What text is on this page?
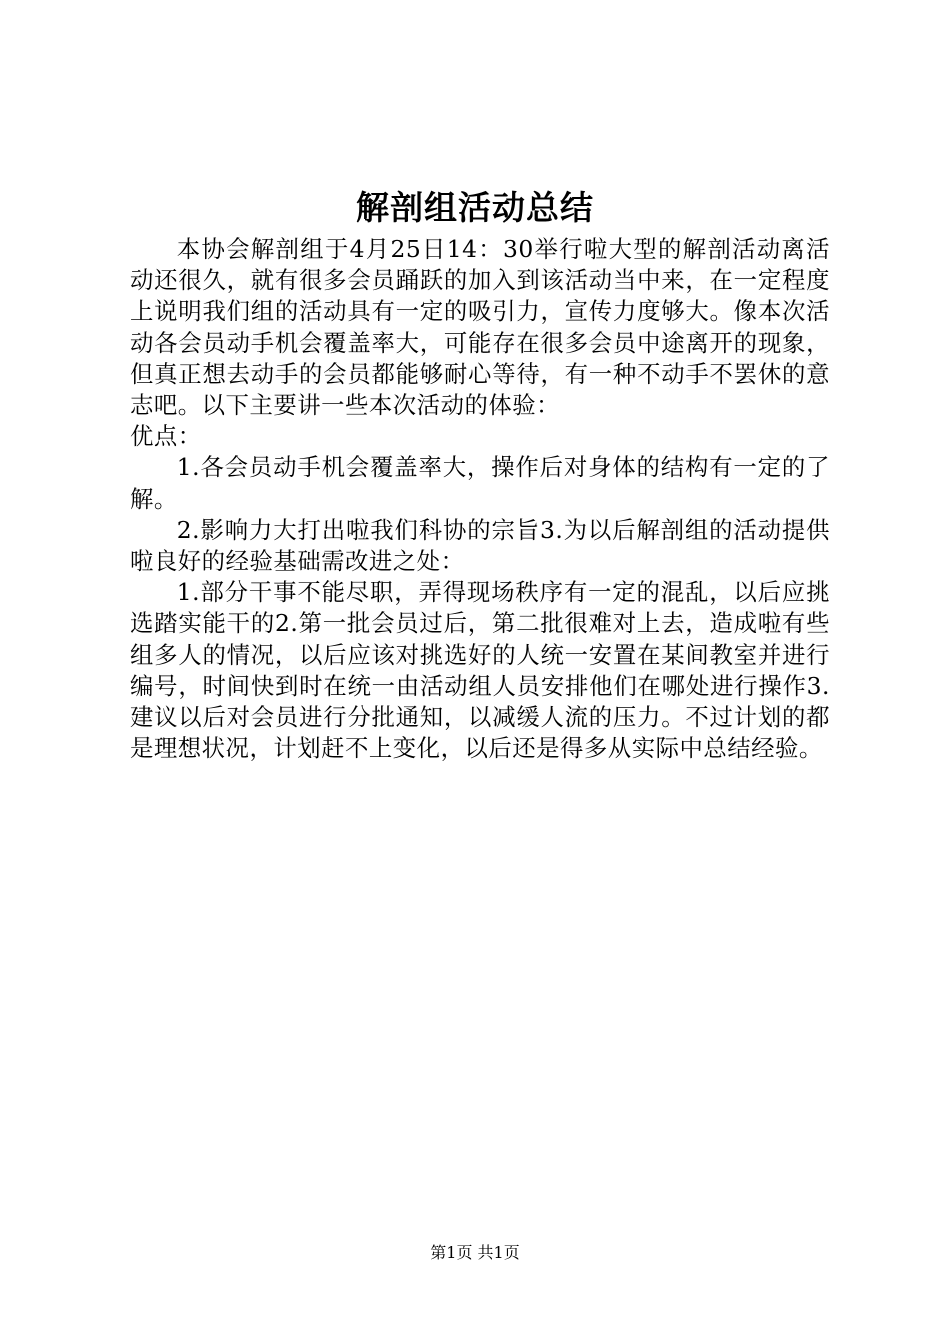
解剖组活动总结

本协会解剖组于4月25日14：30举行啦大型的解剖活动离活动还很久，就有很多会员踊跃的加入到该活动当中来，在一定程度上说明我们组的活动具有一定的吸引力，宣传力度够大。像本次活动各会员动手机会覆盖率大，可能存在很多会员中途离开的现象，但真正想去动手的会员都能够耐心等待，有一种不动手不罢休的意志吧。以下主要讲一些本次活动的体验：

优点：

1.各会员动手机会覆盖率大，操作后对身体的结构有一定的了解。

2.影响力大打出啦我们科协的宗旨3.为以后解剖组的活动提供啦良好的经验基础需改进之处：

1.部分干事不能尽职，弄得现场秩序有一定的混乱，以后应挑选踏实能干的2.第一批会员过后，第二批很难对上去，造成啦有些组多人的情况，以后应该对挑选好的人统一安置在某间教室并进行编号，时间快到时在统一由活动组人员安排他们在哪处进行操作3.建议以后对会员进行分批通知，以减缓人流的压力。不过计划的都是理想状况，计划赶不上变化，以后还是得多从实际中总结经验。

第1页 共1页
